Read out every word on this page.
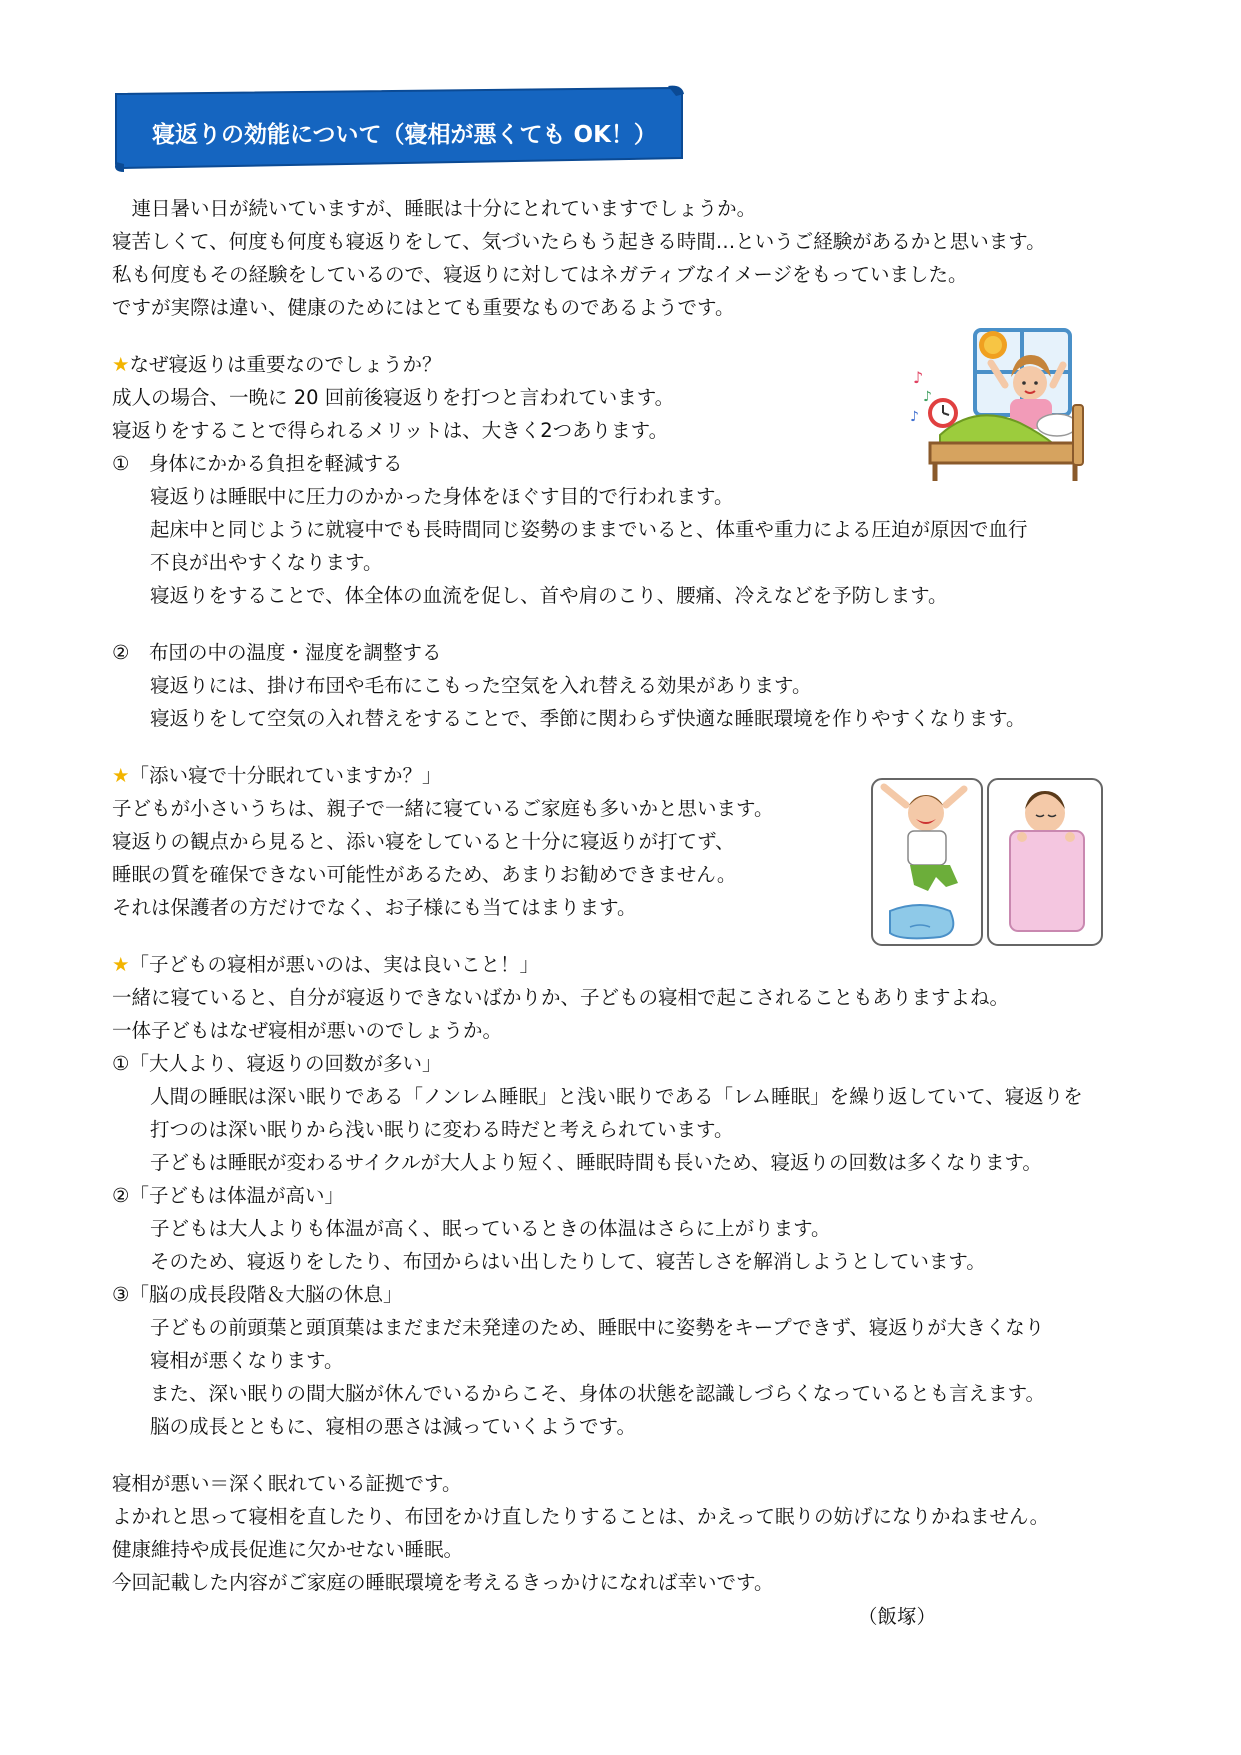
寝返りの効能について（寝相が悪くても OK！）
　連日暑い日が続いていますが、睡眠は十分にとれていますでしょうか。
寝苦しくて、何度も何度も寝返りをして、気づいたらもう起きる時間…というご経験があるかと思います。
私も何度もその経験をしているので、寝返りに対してはネガティブなイメージをもっていました。
ですが実際は違い、健康のためにはとても重要なものであるようです。
★なぜ寝返りは重要なのでしょうか？
成人の場合、一晩に 20 回前後寝返りを打つと言われています。
寝返りをすることで得られるメリットは、大きく2つあります。
①　身体にかかる負担を軽減する
寝返りは睡眠中に圧力のかかった身体をほぐす目的で行われます。
起床中と同じように就寝中でも長時間同じ姿勢のままでいると、体重や重力による圧迫が原因で血行
不良が出やすくなります。
寝返りをすることで、体全体の血流を促し、首や肩のこり、腰痛、冷えなどを予防します。
②　布団の中の温度・湿度を調整する
寝返りには、掛け布団や毛布にこもった空気を入れ替える効果があります。
寝返りをして空気の入れ替えをすることで、季節に関わらず快適な睡眠環境を作りやすくなります。
♪
♪
♪
★「添い寝で十分眠れていますか？」
子どもが小さいうちは、親子で一緒に寝ているご家庭も多いかと思います。
寝返りの観点から見ると、添い寝をしていると十分に寝返りが打てず、
睡眠の質を確保できない可能性があるため、あまりお勧めできません。
それは保護者の方だけでなく、お子様にも当てはまります。
★「子どもの寝相が悪いのは、実は良いこと！」
一緒に寝ていると、自分が寝返りできないばかりか、子どもの寝相で起こされることもありますよね。
一体子どもはなぜ寝相が悪いのでしょうか。
①「大人より、寝返りの回数が多い」
人間の睡眠は深い眠りである「ノンレム睡眠」と浅い眠りである「レム睡眠」を繰り返していて、寝返りを
打つのは深い眠りから浅い眠りに変わる時だと考えられています。
子どもは睡眠が変わるサイクルが大人より短く、睡眠時間も長いため、寝返りの回数は多くなります。
②「子どもは体温が高い」
子どもは大人よりも体温が高く、眠っているときの体温はさらに上がります。
そのため、寝返りをしたり、布団からはい出したりして、寝苦しさを解消しようとしています。
③「脳の成長段階＆大脳の休息」
子どもの前頭葉と頭頂葉はまだまだ未発達のため、睡眠中に姿勢をキープできず、寝返りが大きくなり
寝相が悪くなります。
また、深い眠りの間大脳が休んでいるからこそ、身体の状態を認識しづらくなっているとも言えます。
脳の成長とともに、寝相の悪さは減っていくようです。
寝相が悪い＝深く眠れている証拠です。
よかれと思って寝相を直したり、布団をかけ直したりすることは、かえって眠りの妨げになりかねません。
健康維持や成長促進に欠かせない睡眠。
今回記載した内容がご家庭の睡眠環境を考えるきっかけになれば幸いです。
（飯塚）
